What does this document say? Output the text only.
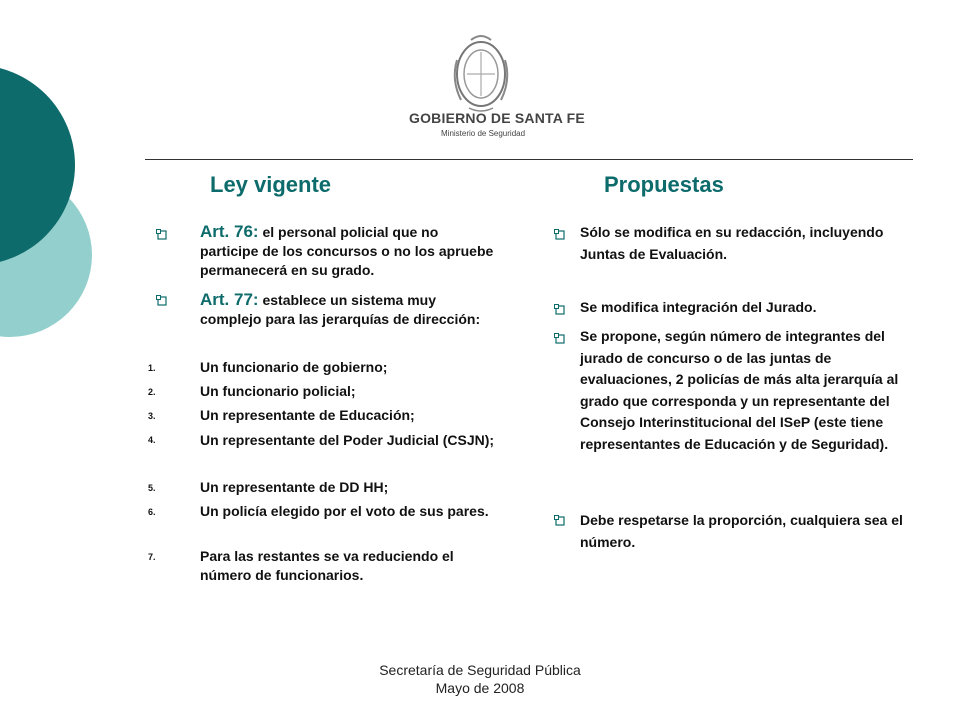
GOBIERNO DE SANTA FE
Ministerio de Seguridad
Ley vigente	Propuestas
Art. 76: el personal policial que no participe de los concursos o no los apruebe permanecerá en su grado.
Art. 77: establece un sistema muy complejo para las jerarquías de dirección:
1.	Un funcionario de gobierno;
2.	Un funcionario policial;
3.	Un representante de Educación;
4.	Un representante del Poder Judicial (CSJN);
5.	Un representante de DD HH;
6.	Un policía elegido por el voto de sus pares.
7.	Para las restantes se va reduciendo el número de funcionarios.
Sólo se modifica en su redacción, incluyendo Juntas de Evaluación.
Se modifica integración del Jurado.
Se propone, según número de integrantes del jurado de concurso o de las juntas de evaluaciones, 2 policías de más alta jerarquía al grado que corresponda y un representante del Consejo Interinstitucional del ISeP (este tiene representantes de Educación y de Seguridad).
Debe respetarse la proporción, cualquiera sea el número.
Secretaría de Seguridad Pública
Mayo de 2008
